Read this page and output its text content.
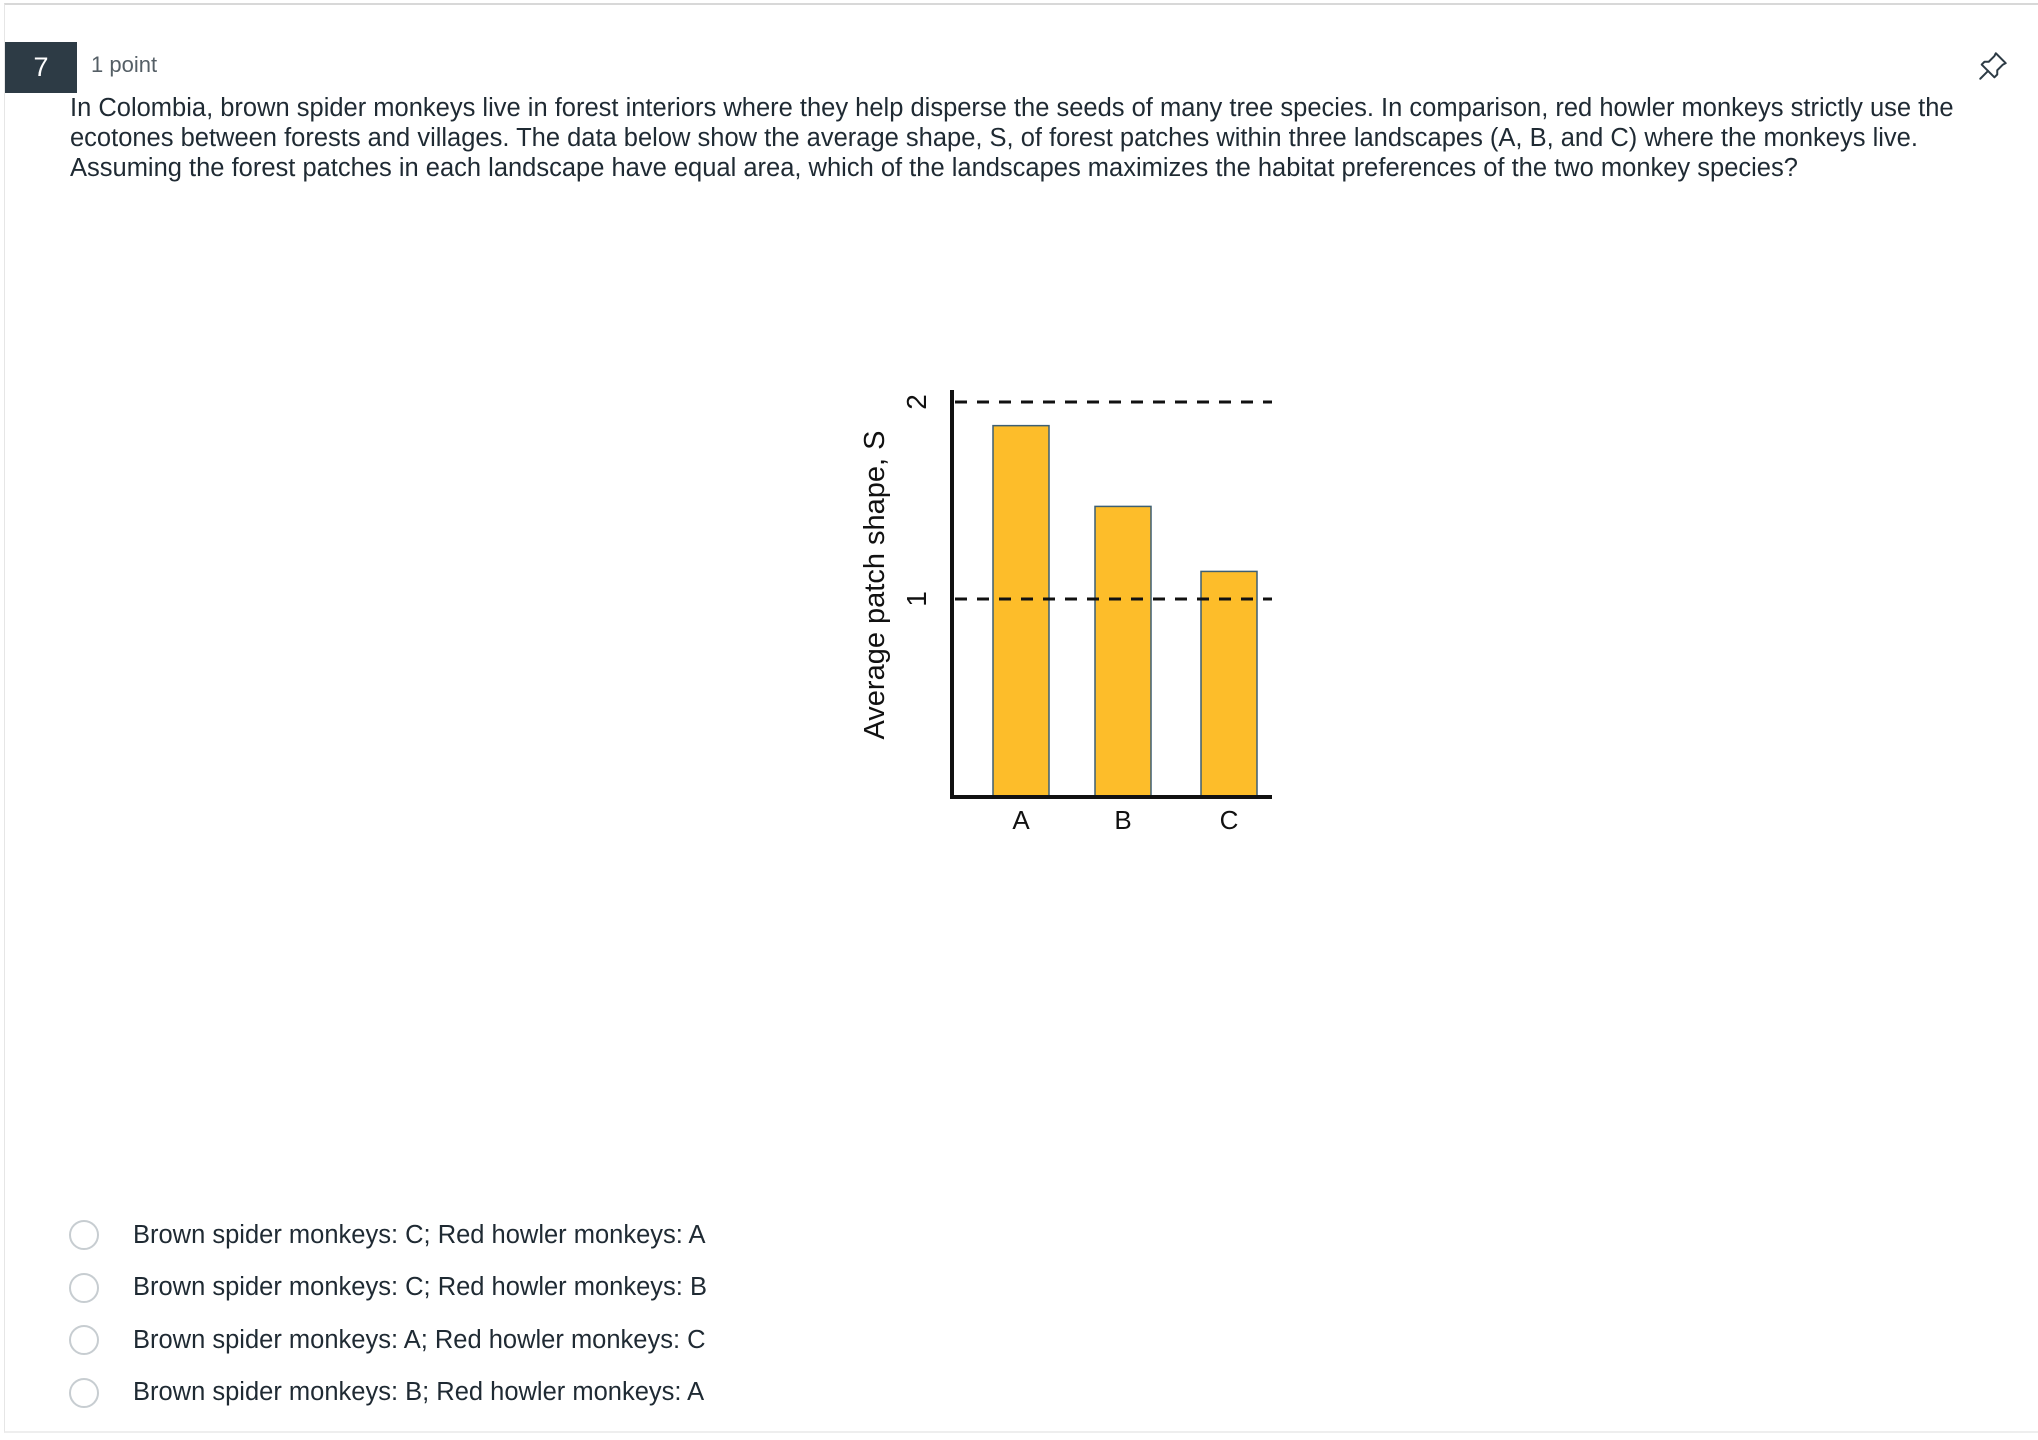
7	1 point
In Colombia, brown spider monkeys live in forest interiors where they help disperse the seeds of many tree species. In comparison, red howler monkeys strictly use the ecotones between forests and villages. The data below show the average shape, S, of forest patches within three landscapes (A, B, and C) where the monkeys live. Assuming the forest patches in each landscape have equal area, which of the landscapes maximizes the habitat preferences of the two monkey species?
Average patch shape, S 1
2
A	B	C
Brown spider monkeys: C; Red howler monkeys: A
Brown spider monkeys: C; Red howler monkeys: B
Brown spider monkeys: A; Red howler monkeys: C
Brown spider monkeys: B; Red howler monkeys: A
